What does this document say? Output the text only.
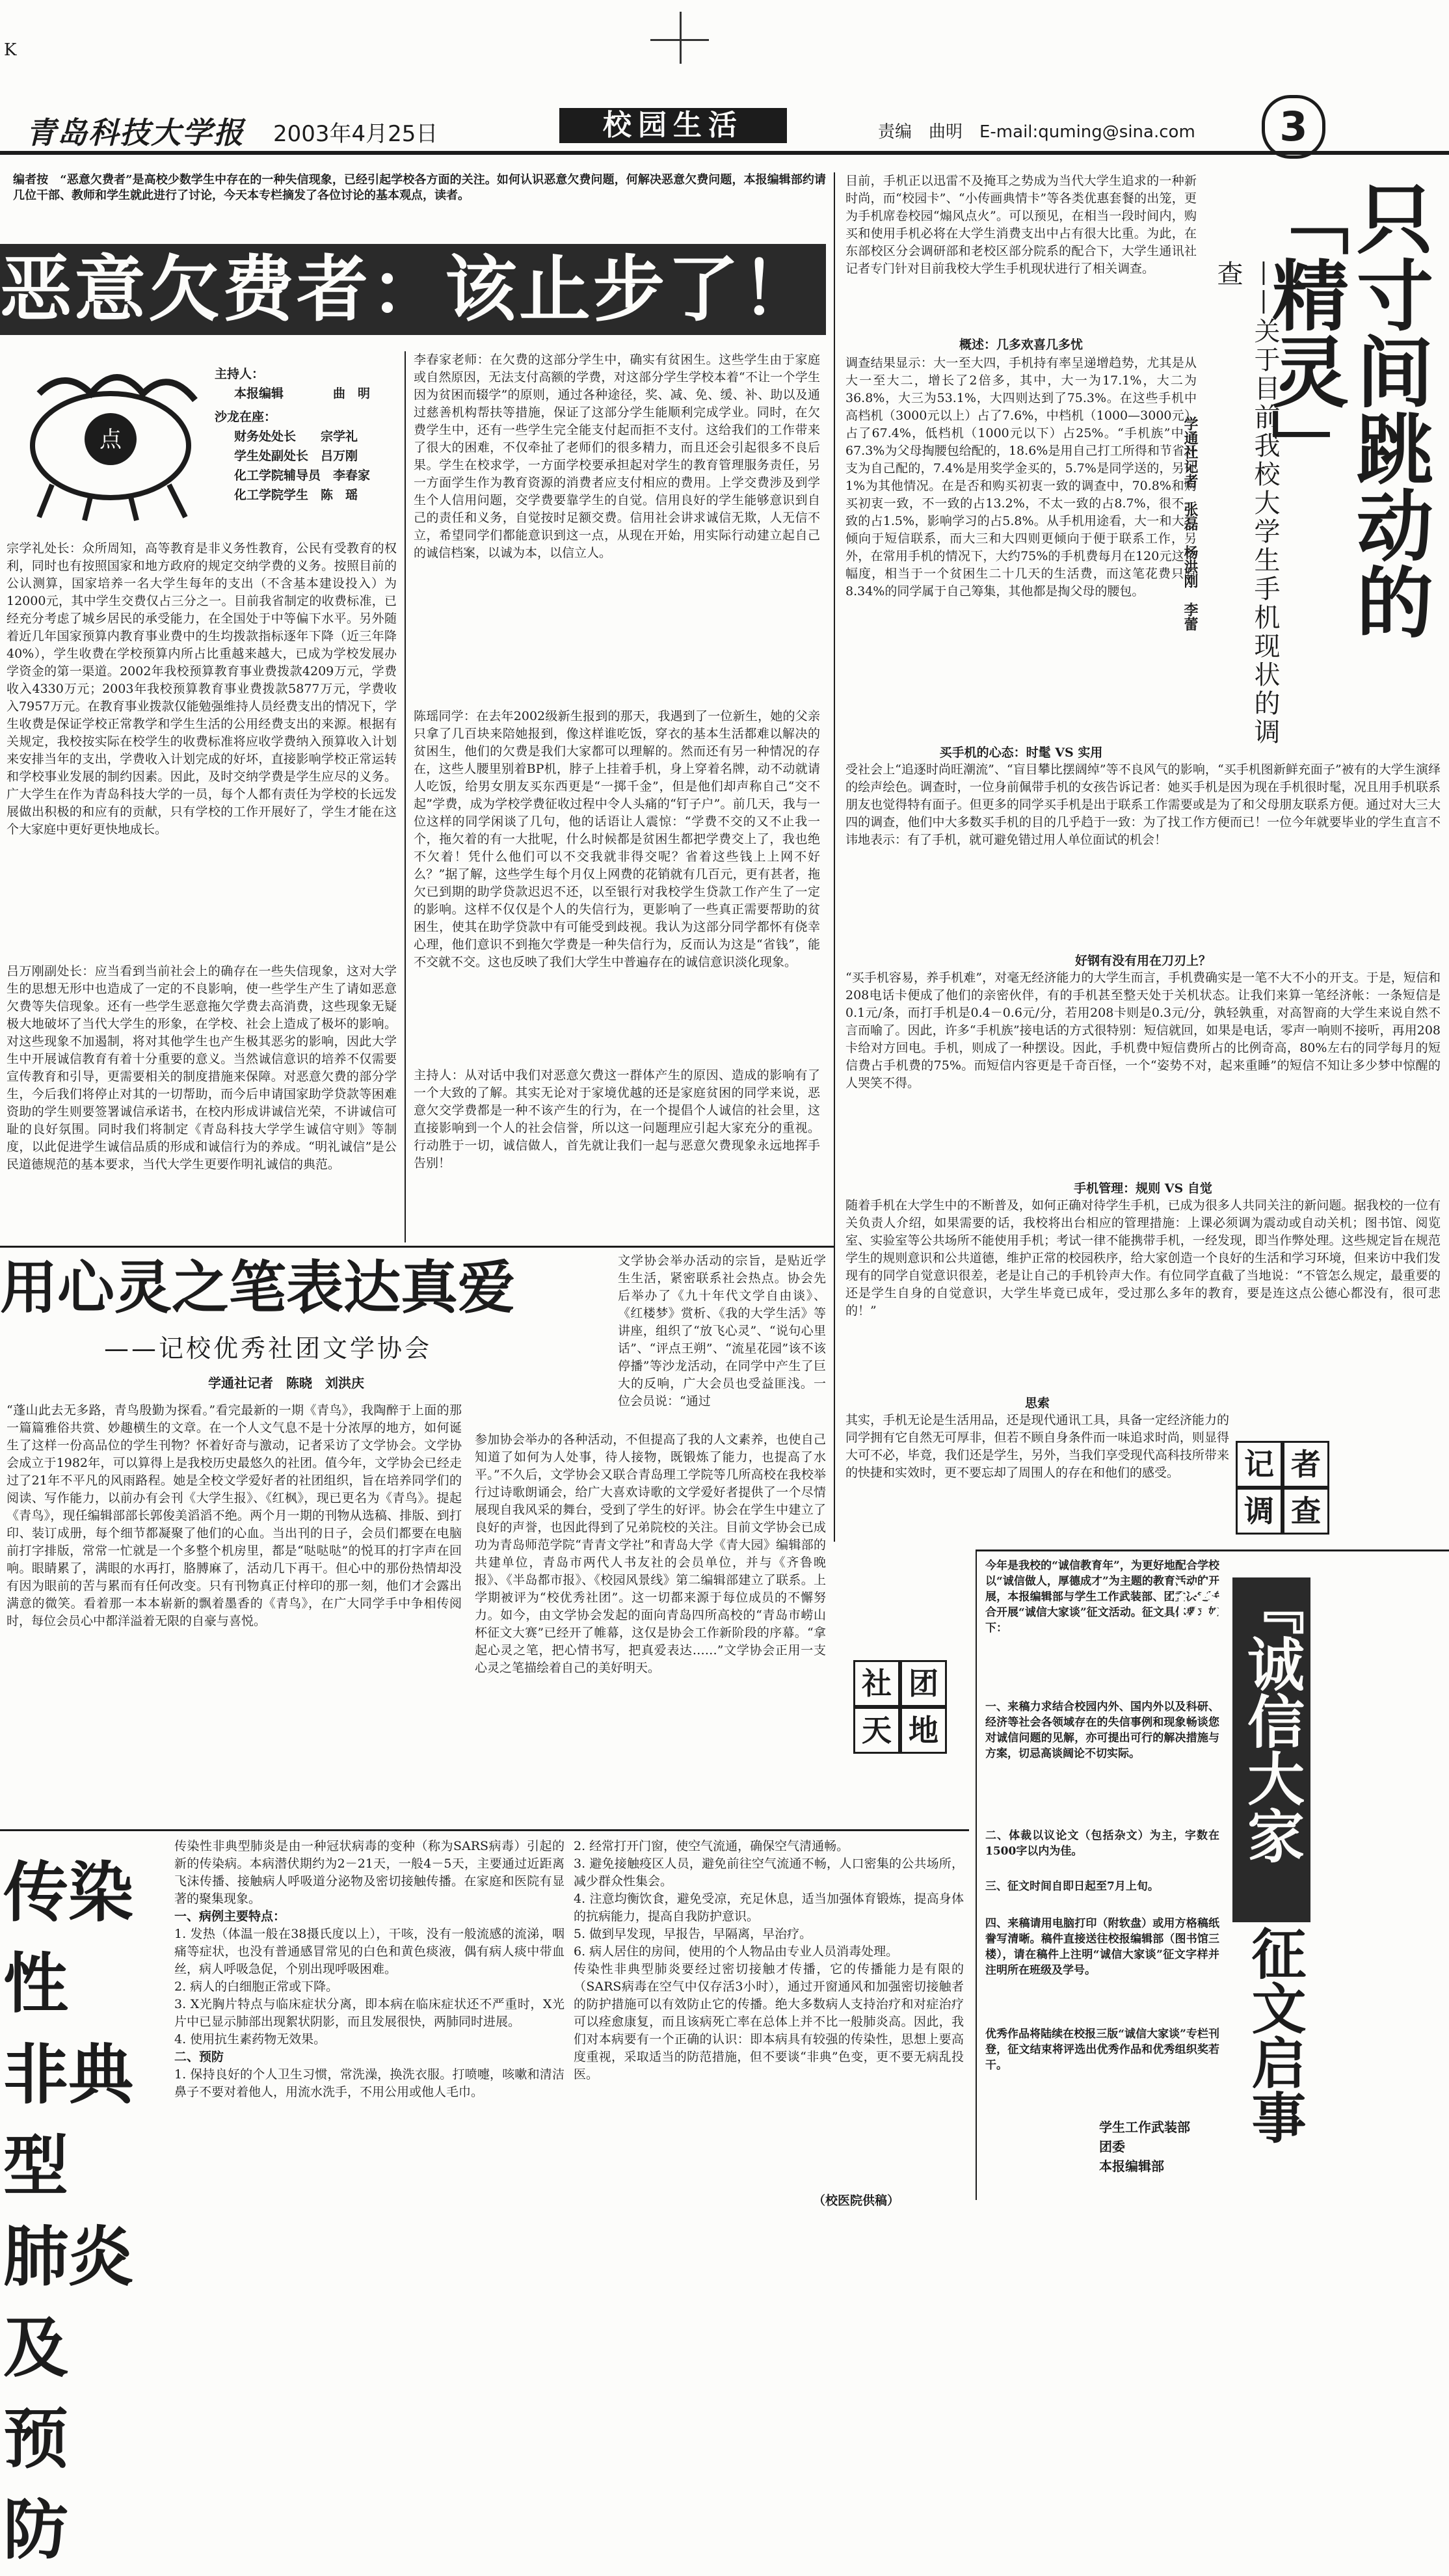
K
青岛科技大学报 2003年4月25日	校园生活	责编　曲明　E-mail:quming@sina.com	3
编者按　“恶意欠费者”是高校少数学生中存在的一种失信现象，已经引起学校各方面的关注。如何认识恶意欠费问题，何解决恶意欠费问题，本报编辑部约请几位干部、教师和学生就此进行了讨论，今天本专栏摘发了各位讨论的基本观点，读者。
恶意欠费者：该止步了！
点
主持人：
本报编辑　　　　曲　明
沙龙在座：
财务处处长　　宗学礼
学生处副处长　吕万刚
化工学院辅导员　李春家
化工学院学生　陈　瑶
宗学礼处长：众所周知，高等教育是非义务性教育，公民有受教育的权利，同时也有按照国家和地方政府的规定交纳学费的义务。按照目前的公认测算，国家培养一名大学生每年的支出（不含基本建设投入）为12000元，其中学生交费仅占三分之一。目前我省制定的收费标准，已经充分考虑了城乡居民的承受能力，在全国处于中等偏下水平。另外随着近几年国家预算内教育事业费中的生均拨款指标逐年下降（近三年降40%），学生收费在学校预算内所占比重越来越大，已成为学校发展办学资金的第一渠道。2002年我校预算教育事业费拨款4209万元，学费收入4330万元；2003年我校预算教育事业费拨款5877万元，学费收入7957万元。在教育事业拨款仅能勉强维持人员经费支出的情况下，学生收费是保证学校正常教学和学生生活的公用经费支出的来源。根据有关规定，我校按实际在校学生的收费标准将应收学费纳入预算收入计划来安排当年的支出，学费收入计划完成的好坏，直接影响学校正常运转和学校事业发展的制约因素。因此，及时交纳学费是学生应尽的义务。广大学生在作为青岛科技大学的一员，每个人都有责任为学校的长远发展做出积极的和应有的贡献，只有学校的工作开展好了，学生才能在这个大家庭中更好更快地成长。
吕万刚副处长：应当看到当前社会上的确存在一些失信现象，这对大学生的思想无形中也造成了一定的不良影响，使一些学生产生了请如恶意欠费等失信现象。还有一些学生恶意拖欠学费去高消费，这些现象无疑极大地破坏了当代大学生的形象，在学校、社会上造成了极坏的影响。对这些现象不加遏制，将对其他学生也产生极其恶劣的影响，因此大学生中开展诚信教育有着十分重要的意义。当然诚信意识的培养不仅需要宣传教育和引导，更需要相关的制度措施来保障。对恶意欠费的部分学生，今后我们将停止对其的一切帮助，而今后申请国家助学贷款等困难资助的学生则要签署诚信承诺书，在校内形成讲诚信光荣，不讲诚信可耻的良好氛围。同时我们将制定《青岛科技大学学生诚信守则》等制度，以此促进学生诚信品质的形成和诚信行为的养成。“明礼诚信”是公民道德规范的基本要求，当代大学生更要作明礼诚信的典范。
李春家老师：在欠费的这部分学生中，确实有贫困生。这些学生由于家庭或自然原因，无法支付高额的学费，对这部分学生学校本着“不让一个学生因为贫困而辍学”的原则，通过各种途径，奖、减、免、缓、补、助以及通过慈善机构帮扶等措施，保证了这部分学生能顺利完成学业。同时，在欠费学生中，还有一些学生完全能支付起而拒不支付。这给我们的工作带来了很大的困难，不仅牵扯了老师们的很多精力，而且还会引起很多不良后果。学生在校求学，一方面学校要承担起对学生的教育管理服务责任，另一方面学生作为教育资源的消费者应支付相应的费用。上学交费涉及到学生个人信用问题，交学费要靠学生的自觉。信用良好的学生能够意识到自己的责任和义务，自觉按时足额交费。信用社会讲求诚信无欺，人无信不立，希望同学们都能意识到这一点，从现在开始，用实际行动建立起自己的诚信档案，以诚为本，以信立人。
陈瑶同学：在去年2002级新生报到的那天，我遇到了一位新生，她的父亲只拿了几百块来陪她报到，像这样谁吃饭，穿衣的基本生活都难以解决的贫困生，他们的欠费是我们大家都可以理解的。然而还有另一种情况的存在，这些人腰里别着BP机，脖子上挂着手机，身上穿着名牌，动不动就请人吃饭，给男女朋友买东西更是“一掷千金”，但是他们却声称自己“交不起”学费，成为学校学费征收过程中令人头痛的“钉子户”。前几天，我与一位这样的同学闲谈了几句，他的话语让人震惊：“学费不交的又不止我一个，拖欠着的有一大批呢，什么时候都是贫困生都把学费交上了，我也绝不欠着！凭什么他们可以不交我就非得交呢？省着这些钱上上网不好么？”据了解，这些学生每个月仅上网费的花销就有几百元，更有甚者，拖欠已到期的助学贷款迟迟不还，以至银行对我校学生贷款工作产生了一定的影响。这样不仅仅是个人的失信行为，更影响了一些真正需要帮助的贫困生，使其在助学贷款中有可能受到歧视。我认为这部分同学都怀有侥幸心理，他们意识不到拖欠学费是一种失信行为，反而认为这是“省钱”，能不交就不交。这也反映了我们大学生中普遍存在的诚信意识淡化现象。
主持人：从对话中我们对恶意欠费这一群体产生的原因、造成的影响有了一个大致的了解。其实无论对于家境优越的还是家庭贫困的同学来说，恶意欠交学费都是一种不该产生的行为，在一个提倡个人诚信的社会里，这直接影响到一个人的社会信誉，所以这一问题理应引起大家充分的重视。行动胜于一切，诚信做人，首先就让我们一起与恶意欠费现象永远地挥手告别！
目前，手机正以迅雷不及掩耳之势成为当代大学生追求的一种新时尚，而“校园卡”、“小传画典情卡”等各类优惠套餐的出笼，更为手机席卷校园“煽风点火”。可以预见，在相当一段时间内，购买和使用手机必将在大学生消费支出中占有很大比重。为此，在东部校区分会调研部和老校区部分院系的配合下，大学生通讯社记者专门针对目前我校大学生手机现状进行了相关调查。
概述：几多欢喜几多忧
调查结果显示：大一至大四，手机持有率呈递增趋势，尤其是从大一至大二，增长了2倍多，其中，大一为17.1%，大二为36.8%，大三为53.1%，大四则达到了75.3%。在这些手机中高档机（3000元以上）占了7.6%，中档机（1000—3000元）占了67.4%，低档机（1000元以下）占25%。“手机族”中，67.3%为父母掏腰包给配的，18.6%是用自己打工所得和节省开支为自己配的，7.4%是用奖学金买的，5.7%是同学送的，另外1%为其他情况。在是否和购买初衷一致的调查中，70.8%和购买初衷一致，不一致的占13.2%，不太一致的占8.7%，很不一致的占1.5%，影响学习的占5.8%。从手机用途看，大一和大二倾向于短信联系，而大三和大四则更倾向于便于联系工作，另外，在常用手机的情况下，大约75%的手机费每月在120元这个幅度，相当于一个贫困生二十几天的生活费，而这笔花费只有8.34%的同学属于自己筹集，其他都是掏父母的腰包。
买手机的心态：时髦 VS 实用
受社会上“追逐时尚旺潮流”、“盲目攀比摆阔绰”等不良风气的影响，“买手机图新鲜充面子”被有的大学生演绎的绘声绘色。调查时，一位身前佩带手机的女孩告诉记者：她买手机是因为现在手机很时髦，况且用手机联系朋友也觉得特有面子。但更多的同学买手机是出于联系工作需要或是为了和父母朋友联系方便。通过对大三大四的调查，他们中大多数买手机的目的几乎趋于一致：为了找工作方便而已！一位今年就要毕业的学生直言不讳地表示：有了手机，就可避免错过用人单位面试的机会！
好钢有没有用在刀刃上？
“买手机容易，养手机难”，对毫无经济能力的大学生而言，手机费确实是一笔不大不小的开支。于是，短信和208电话卡便成了他们的亲密伙伴，有的手机甚至整天处于关机状态。让我们来算一笔经济帐：一条短信是0.1元/条，而打手机是0.4－0.6元/分，若用208卡则是0.3元/分，孰轻孰重，对高智商的大学生来说自然不言而喻了。因此，许多“手机族”接电话的方式很特别：短信就回，如果是电话，零声一响则不接听，再用208卡给对方回电。手机，则成了一种摆设。因此，手机费中短信费所占的比例奇高，80%左右的同学每月的短信费占手机费的75%。而短信内容更是千奇百怪，一个“姿势不对，起来重睡”的短信不知让多少梦中惊醒的人哭笑不得。
手机管理：规则 VS 自觉
随着手机在大学生中的不断普及，如何正确对待学生手机，已成为很多人共同关注的新问题。据我校的一位有关负责人介绍，如果需要的话，我校将出台相应的管理措施：上课必须调为震动或自动关机；图书馆、阅览室、实验室等公共场所不能使用手机；考试一律不能携带手机，一经发现，即当作弊处理。这些规定旨在规范学生的规则意识和公共道德，维护正常的校园秩序，给大家创造一个良好的生活和学习环境，但来访中我们发现有的同学自觉意识很差，老是让自己的手机铃声大作。有位同学直截了当地说：“不管怎么规定，最重要的还是学生自身的自觉意识，大学生毕竟已成年，受过那么多年的教育，要是连这点公德心都没有，很可悲的！”
思索
其实，手机无论是生活用品，还是现代通讯工具，具备一定经济能力的同学拥有它自然无可厚非，但若不顾自身条件而一味追求时尚，则显得大可不必，毕竟，我们还是学生，另外，当我们享受现代高科技所带来的快捷和实效时，更不要忘却了周围人的存在和他们的感受。	记 者
调 查
只寸间跳动的「精灵」
——关于目前我校大学生手机现状的调查
学通社记者　张磊　杨洪刚　李蕾
用心灵之笔表达真爱
——记校优秀社团文学协会
学通社记者　陈晓　刘洪庆
文学协会举办活动的宗旨，是贴近学生生活，紧密联系社会热点。协会先后举办了《九十年代文学自由谈》、《红楼梦》赏析、《我的大学生活》等讲座，组织了“放飞心灵”、“说句心里话”、“评点王朔”、“流星花园”该不该停播”等沙龙活动，在同学中产生了巨大的反响，广大会员也受益匪浅。一位会员说：“通过
“蓬山此去无多路，青鸟殷勤为探看。”看完最新的一期《青鸟》，我陶醉于上面的那一篇篇雅俗共赏、妙趣横生的文章。在一个人文气息不是十分浓厚的地方，如何诞生了这样一份高品位的学生刊物？怀着好奇与激动，记者采访了文学协会。文学协会成立于1982年，可以算得上是我校历史最悠久的社团。值今年，文学协会已经走过了21年不平凡的风雨路程。她是全校文学爱好者的社团组织，旨在培养同学们的阅读、写作能力，以前办有会刊《大学生报》、《红枫》，现已更名为《青鸟》。提起《青鸟》，现任编辑部部长郭俊美滔滔不绝。两个月一期的刊物从选稿、排版、到打印、装订成册，每个细节都凝聚了他们的心血。当出刊的日子，会员们都要在电脑前打字排版，常常一忙就是一个多整个机房里，都是“哒哒哒”的悦耳的打字声在回响。眼睛累了，满眼的水再打，胳膊麻了，活动几下再干。但心中的那份热情却没有因为眼前的苦与累而有任何改变。只有刊物真正付梓印的那一刻，他们才会露出满意的微笑。看着那一本本崭新的飘着墨香的《青鸟》，在广大同学手中争相传阅时，每位会员心中都洋溢着无限的自豪与喜悦。
参加协会举办的各种活动，不但提高了我的人文素养，也使自己知道了如何为人处事，待人接物，既锻炼了能力，也提高了水平。”不久后，文学协会又联合青岛理工学院等几所高校在我校举行过诗歌朗诵会，给广大喜欢诗歌的文学爱好者提供了一个尽情展现自我风采的舞台，受到了学生的好评。协会在学生中建立了良好的声誉，也因此得到了兄弟院校的关注。目前文学协会已成功为青岛师范学院“青青文学社”和青岛大学《青大园》编辑部的共建单位，青岛市两代人书友社的会员单位，并与《齐鲁晚报》、《半岛都市报》、《校园风景线》第二编辑部建立了联系。上学期被评为“校优秀社团”。这一切都来源于每位成员的不懈努力。如今，由文学协会发起的面向青岛四所高校的“青岛市崂山杯征文大赛”已经开了帷幕，这仅是协会工作新阶段的序幕。“拿起心灵之笔，把心情书写，把真爱表达……”文学协会正用一支心灵之笔描绘着自己的美好明天。	社 团
天 地
今年是我校的“诚信教育年”，为更好地配合学校以“诚信做人，厚德成才”为主题的教育活动的开展，本报编辑部与学生工作武装部、团委决定联合开展“诚信大家谈”征文活动。征文具体要求如下：
一、来稿力求结合校园内外、国内外以及科研、经济等社会各领域存在的失信事例和现象畅谈您对诚信问题的见解，亦可提出可行的解决措施与方案，切忌高谈阔论不切实际。
二、体裁以议论文（包括杂文）为主，字数在1500字以内为佳。
三、征文时间自即日起至7月上旬。
四、来稿请用电脑打印（附软盘）或用方格稿纸誊写清晰。稿件直接送往校报编辑部（图书馆三楼），请在稿件上注明“诚信大家谈”征文字样并注明所在班级及学号。
优秀作品将陆续在校报三版“诚信大家谈”专栏刊登，征文结束将评选出优秀作品和优秀组织奖若干。
学生工作武装部
团委
本报编辑部
『诚信大家谈』
征文启事
传染性
非典型
肺炎及
预　防
传染性非典型肺炎是由一种冠状病毒的变种（称为SARS病毒）引起的新的传染病。本病潜伏期约为2－21天，一般4－5天，主要通过近距离飞沫传播、接触病人呼吸道分泌物及密切接触传播。在家庭和医院有显著的聚集现象。
一、病例主要特点：
1. 发热（体温一般在38摄氏度以上），干咳，没有一般流感的流涕，咽痛等症状，也没有普通感冒常见的白色和黄色痰液，偶有病人痰中带血丝，病人呼吸急促，个别出现呼吸困难。
2. 病人的白细胞正常或下降。
3. X光胸片特点与临床症状分离，即本病在临床症状还不严重时，X光片中已显示肺部出现絮状阴影，而且发展很快，两肺同时进展。
4. 使用抗生素药物无效果。
二、预防
1. 保持良好的个人卫生习惯，常洗澡，换洗衣服。打喷嚏，咳嗽和清洁鼻子不要对着他人，用流水洗手，不用公用或他人毛巾。
2. 经常打开门窗，使空气流通，确保空气清通畅。
3. 避免接触疫区人员，避免前往空气流通不畅，人口密集的公共场所，减少群众性集会。
4. 注意均衡饮食，避免受凉，充足休息，适当加强体育锻炼，提高身体的抗病能力，提高自我防护意识。
5. 做到早发现，早报告，早隔离，早治疗。
6. 病人居住的房间，使用的个人物品由专业人员消毒处理。
传染性非典型肺炎要经过密切接触才传播，它的传播能力是有限的（SARS病毒在空气中仅存活3小时），通过开窗通风和加强密切接触者的防护措施可以有效防止它的传播。绝大多数病人支持治疗和对症治疗可以痊愈康复，而且该病死亡率在总体上并不比一般肺炎高。因此，我们对本病要有一个正确的认识：即本病具有较强的传染性，思想上要高度重视，采取适当的防范措施，但不要谈“非典”色变，更不要无病乱投医。
（校医院供稿）
